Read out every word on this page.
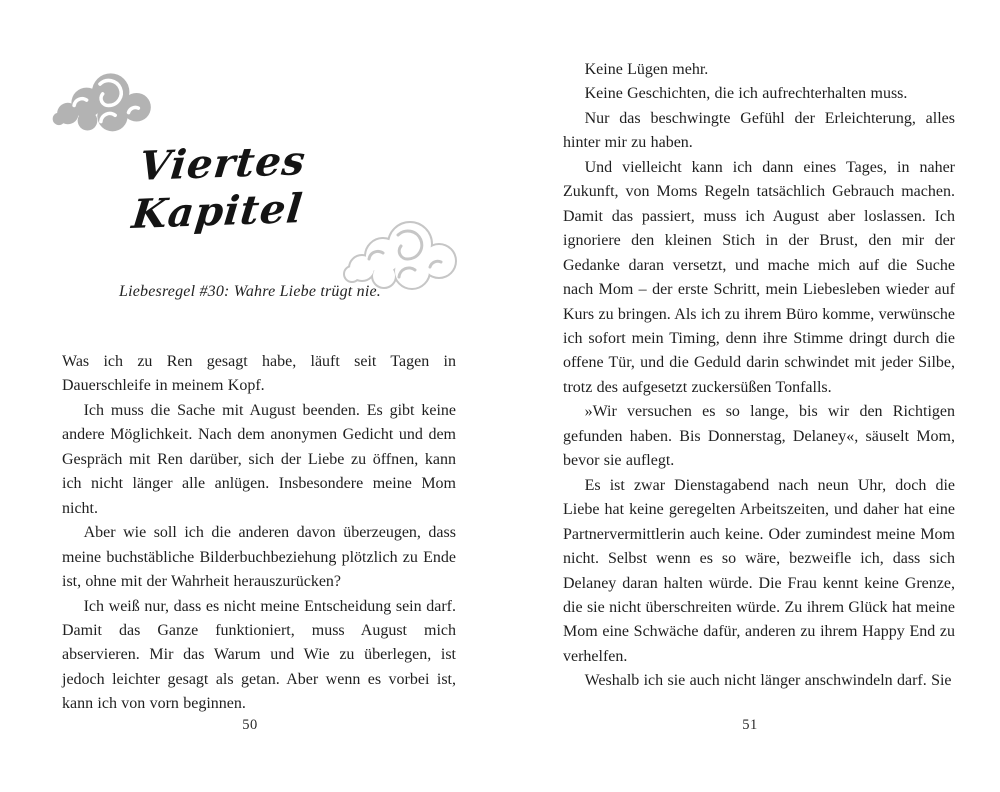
Viertes
Kapitel
Liebesregel #30: Wahre Liebe trügt nie.
Was ich zu Ren gesagt habe, läuft seit Tagen in Dauerschleife in meinem Kopf.
Ich muss die Sache mit August beenden. Es gibt keine andere Möglichkeit. Nach dem anonymen Gedicht und dem Gespräch mit Ren darüber, sich der Liebe zu öffnen, kann ich nicht länger alle anlügen. Insbesondere meine Mom nicht.
Aber wie soll ich die anderen davon überzeugen, dass meine buchstäbliche Bilderbuchbeziehung plötzlich zu Ende ist, ohne mit der Wahrheit herauszurücken?
Ich weiß nur, dass es nicht meine Entscheidung sein darf. Damit das Ganze funktioniert, muss August mich abservieren. Mir das Warum und Wie zu überlegen, ist jedoch leichter gesagt als getan. Aber wenn es vorbei ist, kann ich von vorn beginnen.
50
Keine Lügen mehr.
Keine Geschichten, die ich aufrechterhalten muss.
Nur das beschwingte Gefühl der Erleichterung, alles hinter mir zu haben.
Und vielleicht kann ich dann eines Tages, in naher Zukunft, von Moms Regeln tatsächlich Gebrauch machen. Damit das passiert, muss ich August aber loslassen. Ich ignoriere den kleinen Stich in der Brust, den mir der Gedanke daran versetzt, und mache mich auf die Suche nach Mom – der erste Schritt, mein Liebesleben wieder auf Kurs zu bringen. Als ich zu ihrem Büro komme, verwünsche ich sofort mein Timing, denn ihre Stimme dringt durch die offene Tür, und die Geduld darin schwindet mit jeder Silbe, trotz des aufgesetzt zuckersüßen Tonfalls.
»Wir versuchen es so lange, bis wir den Richtigen gefunden haben. Bis Donnerstag, Delaney«, säuselt Mom, bevor sie auflegt.
Es ist zwar Dienstagabend nach neun Uhr, doch die Liebe hat keine geregelten Arbeitszeiten, und daher hat eine Partnervermittlerin auch keine. Oder zumindest meine Mom nicht. Selbst wenn es so wäre, bezweifle ich, dass sich Delaney daran halten würde. Die Frau kennt keine Grenze, die sie nicht überschreiten würde. Zu ihrem Glück hat meine Mom eine Schwäche dafür, anderen zu ihrem Happy End zu verhelfen.
Weshalb ich sie auch nicht länger anschwindeln darf. Sie
51
